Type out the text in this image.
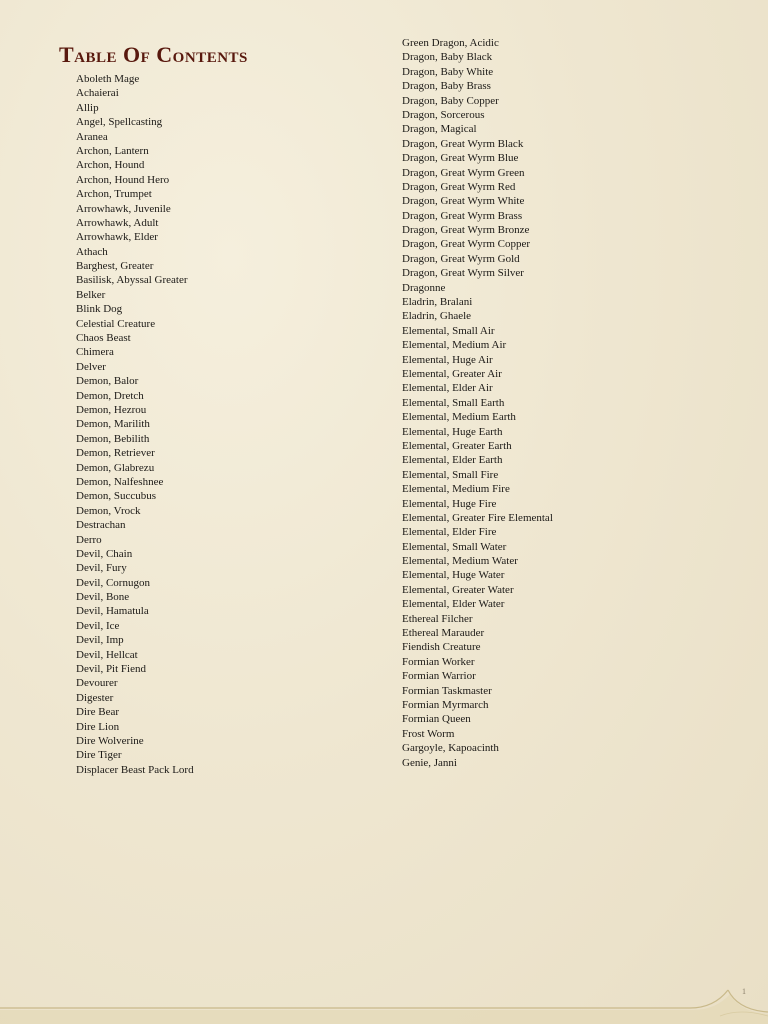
Table Of Contents
Aboleth Mage
Achaierai
Allip
Angel, Spellcasting
Aranea
Archon, Lantern
Archon, Hound
Archon, Hound Hero
Archon, Trumpet
Arrowhawk, Juvenile
Arrowhawk, Adult
Arrowhawk, Elder
Athach
Barghest, Greater
Basilisk, Abyssal Greater
Belker
Blink Dog
Celestial Creature
Chaos Beast
Chimera
Delver
Demon, Balor
Demon, Dretch
Demon, Hezrou
Demon, Marilith
Demon, Bebilith
Demon, Retriever
Demon, Glabrezu
Demon, Nalfeshnee
Demon, Succubus
Demon, Vrock
Destrachan
Derro
Devil, Chain
Devil, Fury
Devil, Cornugon
Devil, Bone
Devil, Hamatula
Devil, Ice
Devil, Imp
Devil, Hellcat
Devil, Pit Fiend
Devourer
Digester
Dire Bear
Dire Lion
Dire Wolverine
Dire Tiger
Displacer Beast Pack Lord
Green Dragon, Acidic
Dragon, Baby Black
Dragon, Baby White
Dragon, Baby Brass
Dragon, Baby Copper
Dragon, Sorcerous
Dragon, Magical
Dragon, Great Wyrm Black
Dragon, Great Wyrm Blue
Dragon, Great Wyrm Green
Dragon, Great Wyrm Red
Dragon, Great Wyrm White
Dragon, Great Wyrm Brass
Dragon, Great Wyrm Bronze
Dragon, Great Wyrm Copper
Dragon, Great Wyrm Gold
Dragon, Great Wyrm Silver
Dragonne
Eladrin, Bralani
Eladrin, Ghaele
Elemental, Small Air
Elemental, Medium Air
Elemental, Huge Air
Elemental, Greater Air
Elemental, Elder Air
Elemental, Small Earth
Elemental, Medium Earth
Elemental, Huge Earth
Elemental, Greater Earth
Elemental, Elder Earth
Elemental, Small Fire
Elemental, Medium Fire
Elemental, Huge Fire
Elemental, Greater Fire Elemental
Elemental, Elder Fire
Elemental, Small Water
Elemental, Medium Water
Elemental, Huge Water
Elemental, Greater Water
Elemental, Elder Water
Ethereal Filcher
Ethereal Marauder
Fiendish Creature
Formian Worker
Formian Warrior
Formian Taskmaster
Formian Myrmarch
Formian Queen
Frost Worm
Gargoyle, Kapoacinth
Genie, Janni
1
